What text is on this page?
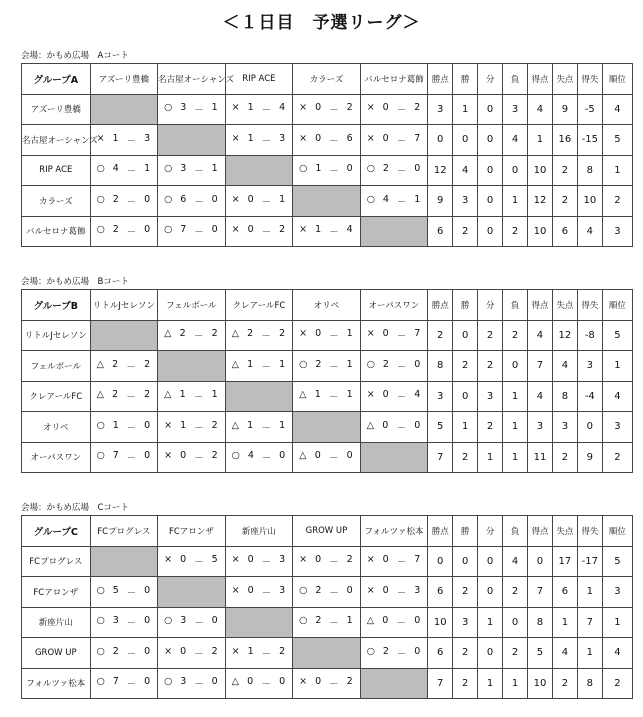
＜１日目　予選リーグ＞
会場：かもめ広場　Aコート
グループA	アズーリ豊橋	名古屋オーシャンズ	RIP ACE	カラーズ	バルセロナ葛飾	勝点	勝	分	負	得点	失点	得失	順位
アズーリ豊橋		○ 3 － 1	× 1 － 4	× 0 － 2	× 0 － 2	3	1	0	3	4	9	-5	4
名古屋オーシャンズ	× 1 － 3		× 1 － 3	× 0 － 6	× 0 － 7	0	0	0	4	1	16	-15	5
RIP ACE	○ 4 － 1	○ 3 － 1		○ 1 － 0	○ 2 － 0	12	4	0	0	10	2	8	1
カラーズ	○ 2 － 0	○ 6 － 0	× 0 － 1		○ 4 － 1	9	3	0	1	12	2	10	2
バルセロナ葛飾	○ 2 － 0	○ 7 － 0	× 0 － 2	× 1 － 4		6	2	0	2	10	6	4	3
会場：かもめ広場　Bコート
グループB	リトルJセレソン	フェルボール	クレアールFC	オリベ	オーパスワン	勝点	勝	分	負	得点	失点	得失	順位
リトルJセレソン		△ 2 － 2	△ 2 － 2	× 0 － 1	× 0 － 7	2	0	2	2	4	12	-8	5
フェルボール	△ 2 － 2		△ 1 － 1	○ 2 － 1	○ 2 － 0	8	2	2	0	7	4	3	1
クレアールFC	△ 2 － 2	△ 1 － 1		△ 1 － 1	× 0 － 4	3	0	3	1	4	8	-4	4
オリベ	○ 1 － 0	× 1 － 2	△ 1 － 1		△ 0 － 0	5	1	2	1	3	3	0	3
オーパスワン	○ 7 － 0	× 0 － 2	○ 4 － 0	△ 0 － 0		7	2	1	1	11	2	9	2
会場：かもめ広場　Cコート
グループC	FCプログレス	FCアロンザ	新座片山	GROW UP	フォルツァ松本	勝点	勝	分	負	得点	失点	得失	順位
FCプログレス		× 0 － 5	× 0 － 3	× 0 － 2	× 0 － 7	0	0	0	4	0	17	-17	5
FCアロンザ	○ 5 － 0		× 0 － 3	○ 2 － 0	× 0 － 3	6	2	0	2	7	6	1	3
新座片山	○ 3 － 0	○ 3 － 0		○ 2 － 1	△ 0 － 0	10	3	1	0	8	1	7	1
GROW UP	○ 2 － 0	× 0 － 2	× 1 － 2		○ 2 － 0	6	2	0	2	5	4	1	4
フォルツァ松本	○ 7 － 0	○ 3 － 0	△ 0 － 0	× 0 － 2		7	2	1	1	10	2	8	2
